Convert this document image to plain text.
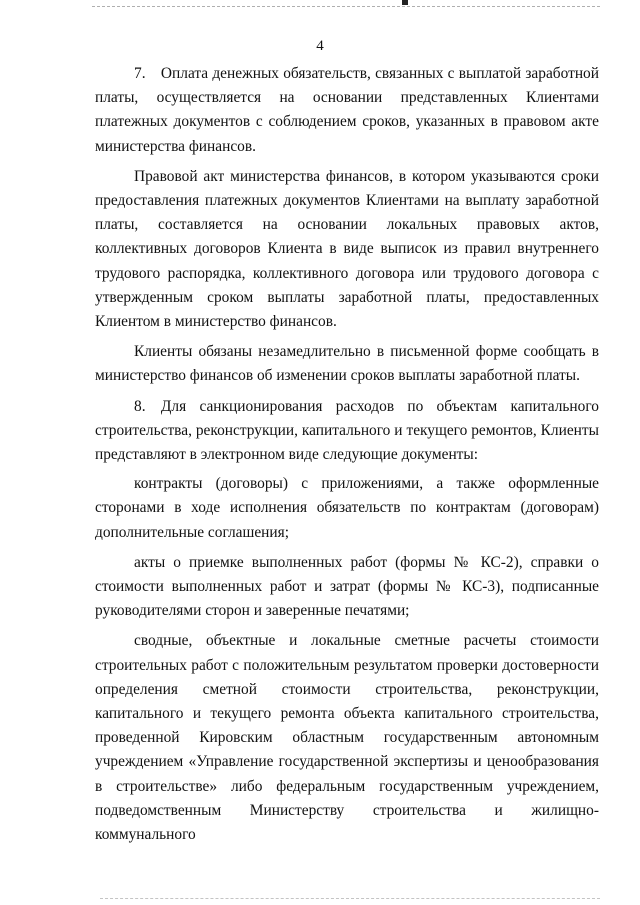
4

7. Оплата денежных обязательств, связанных с выплатой заработной платы, осуществляется на основании представленных Клиентами платежных документов с соблюдением сроков, указанных в правовом акте министерства финансов.

Правовой акт министерства финансов, в котором указываются сроки предоставления платежных документов Клиентами на выплату заработной платы, составляется на основании локальных правовых актов, коллективных договоров Клиента в виде выписок из правил внутреннего трудового распорядка, коллективного договора или трудового договора с утвержденным сроком выплаты заработной платы, предоставленных Клиентом в министерство финансов.

Клиенты обязаны незамедлительно в письменной форме сообщать в министерство финансов об изменении сроков выплаты заработной платы.

8. Для санкционирования расходов по объектам капитального строительства, реконструкции, капитального и текущего ремонтов, Клиенты представляют в электронном виде следующие документы:

контракты (договоры) с приложениями, а также оформленные сторонами в ходе исполнения обязательств по контрактам (договорам) дополнительные соглашения;

акты о приемке выполненных работ (формы № КС-2), справки о стоимости выполненных работ и затрат (формы № КС-3), подписанные руководителями сторон и заверенные печатями;

сводные, объектные и локальные сметные расчеты стоимости строительных работ с положительным результатом проверки достоверности определения сметной стоимости строительства, реконструкции, капитального и текущего ремонта объекта капитального строительства, проведенной Кировским областным государственным автономным учреждением «Управление государственной экспертизы и ценообразования в строительстве» либо федеральным государственным учреждением, подведомственным Министерству строительства и жилищно-коммунального
